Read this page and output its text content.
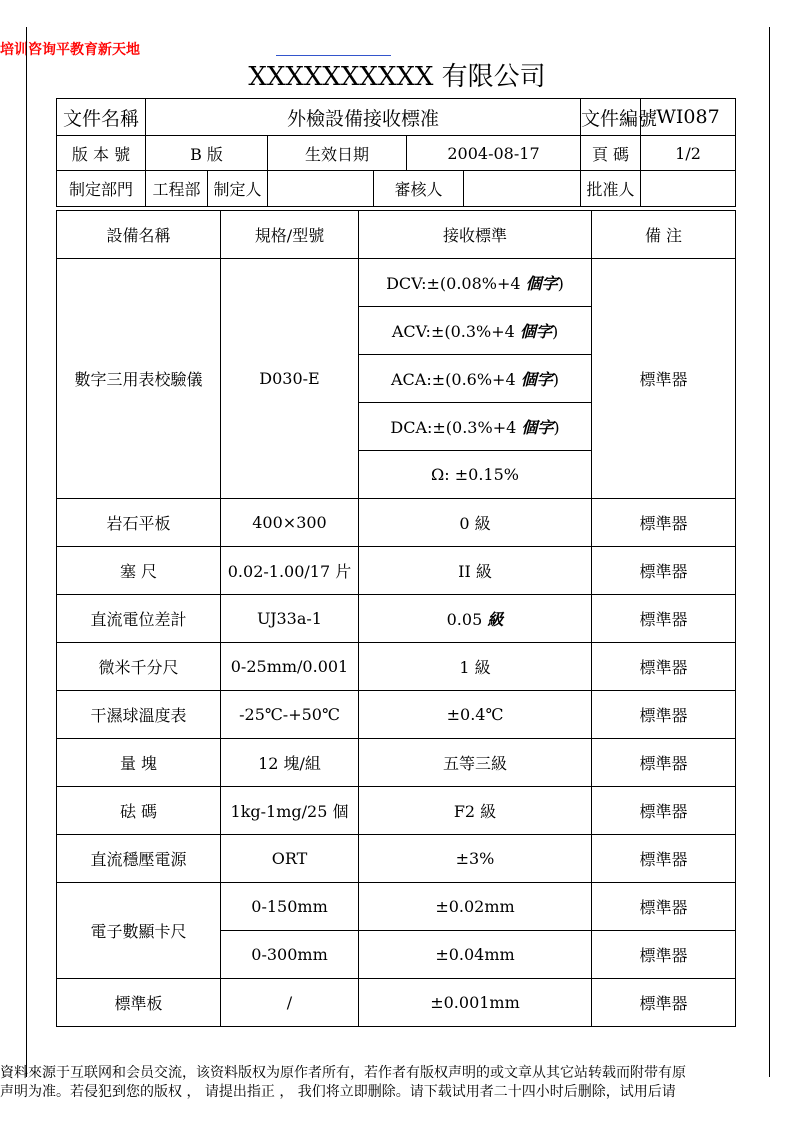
培训咨询平教育新天地
XXXXXXXXXX 有限公司
文件名稱	外檢設備接收標准						文件編號	WI087
版 本 號	B 版		生效日期		2004-08-17		頁 碼	1/2
制定部門	工程部	制定人		審核人			批准人	
設備名稱	規格/型號	接收標準	備 注
數字三用表校驗儀	D030-E	DCV:±(0.08%+4 個字)	標準器
		ACV:±(0.3%+4 個字)	
		ACA:±(0.6%+4 個字)	
		DCA:±(0.3%+4 個字)	
		Ω: ±0.15%	
岩石平板	400×300	0 級	標準器
塞 尺	0.02-1.00/17 片	II 級	標準器
直流電位差計	UJ33a-1	0.05 級	標準器
微米千分尺	0-25mm/0.001	1 級	標準器
干濕球溫度表	-25℃-+50℃	±0.4℃	標準器
量 塊	12 塊/組	五等三級	標準器
砝 碼	1kg-1mg/25 個	F2 級	標準器
直流穩壓電源	ORT	±3%	標準器
電子數顯卡尺	0-150mm	±0.02mm	標準器
	0-300mm	±0.04mm	標準器
標準板	/	±0.001mm	標準器
資料來源于互联网和会员交流，该资料版权为原作者所有，若作者有版权声明的或文章从其它站转载而附带有原
声明为准。若侵犯到您的版权 ， 请提出指正 ， 我们将立即删除。请下载试用者二十四小时后删除，试用后请
